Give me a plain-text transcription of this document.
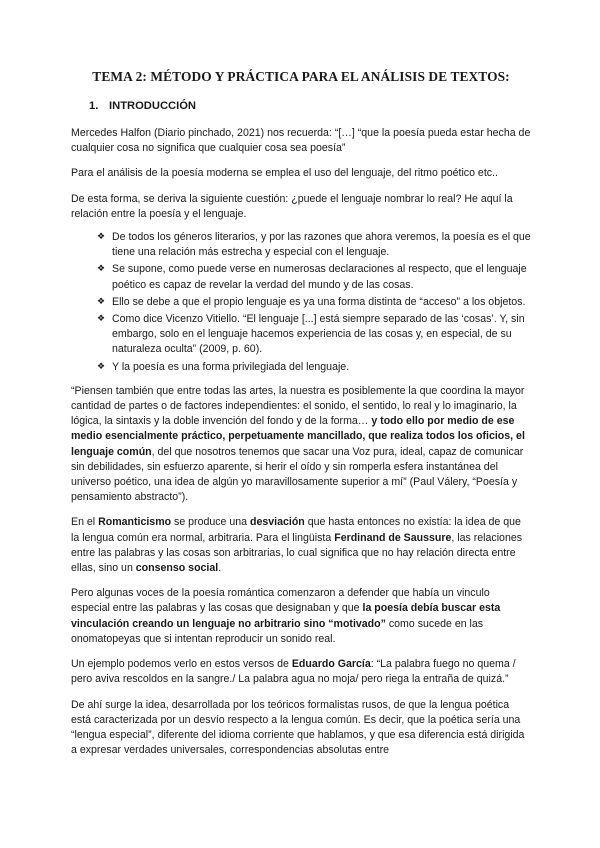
TEMA 2: MÉTODO Y PRÁCTICA PARA EL ANÁLISIS DE TEXTOS:
1. INTRODUCCIÓN

Mercedes Halfon (Diario pinchado, 2021) nos recuerda: “[…] “que la poesía pueda estar hecha de cualquier cosa no significa que cualquier cosa sea poesía”

Para el análisis de la poesía moderna se emplea el uso del lenguaje, del ritmo poético etc..

De esta forma, se deriva la siguiente cuestión: ¿puede el lenguaje nombrar lo real? He aquí la relación entre la poesía y el lenguaje.

❖ De todos los géneros literarios, y por las razones que ahora veremos, la poesía es el que tiene una relación más estrecha y especial con el lenguaje.
❖ Se supone, como puede verse en numerosas declaraciones al respecto, que el lenguaje poético es capaz de revelar la verdad del mundo y de las cosas.
❖ Ello se debe a que el propio lenguaje es ya una forma distinta de “acceso” a los objetos.
❖ Como dice Vicenzo Vitiello. “El lenguaje [...] está siempre separado de las ‘cosas’. Y, sin embargo, solo en el lenguaje hacemos experiencia de las cosas y, en especial, de su naturaleza oculta” (2009, p. 60).
❖ Y la poesía es una forma privilegiada del lenguaje.

“Piensen también que entre todas las artes, la nuestra es posiblemente la que coordina la mayor cantidad de partes o de factores independientes: el sonido, el sentido, lo real y lo imaginario, la lógica, la sintaxis y la doble invención del fondo y de la forma… y todo ello por medio de ese medio esencialmente práctico, perpetuamente mancillado, que realiza todos los oficios, el lenguaje común, del que nosotros tenemos que sacar una Voz pura, ideal, capaz de comunicar sin debilidades, sin esfuerzo aparente, si herir el oído y sin romperla esfera instantánea del universo poético, una idea de algún yo maravillosamente superior a mí” (Paul Válery, “Poesía y pensamiento abstracto”).

En el Romanticismo se produce una desviación que hasta entonces no existía: la idea de que la lengua común era normal, arbitraria. Para el lingüista Ferdinand de Saussure, las relaciones entre las palabras y las cosas son arbitrarias, lo cual significa que no hay relación directa entre ellas, sino un consenso social.

Pero algunas voces de la poesía romántica comenzaron a defender que había un vinculo especial entre las palabras y las cosas que designaban y que la poesía debía buscar esta vinculación creando un lenguaje no arbitrario sino “motivado” como sucede en las onomatopeyas que si intentan reproducir un sonido real.

Un ejemplo podemos verlo en estos versos de Eduardo García: “La palabra fuego no quema / pero aviva rescoldos en la sangre./ La palabra agua no moja/ pero riega la entraña de quizá.”

De ahí surge la idea, desarrollada por los teóricos formalistas rusos, de que la lengua poética está caracterizada por un desvío respecto a la lengua común. Es decir, que la poética sería una “lengua especial”, diferente del idioma corriente que hablamos, y que esa diferencia está dirigida a expresar verdades universales, correspondencias absolutas entre
